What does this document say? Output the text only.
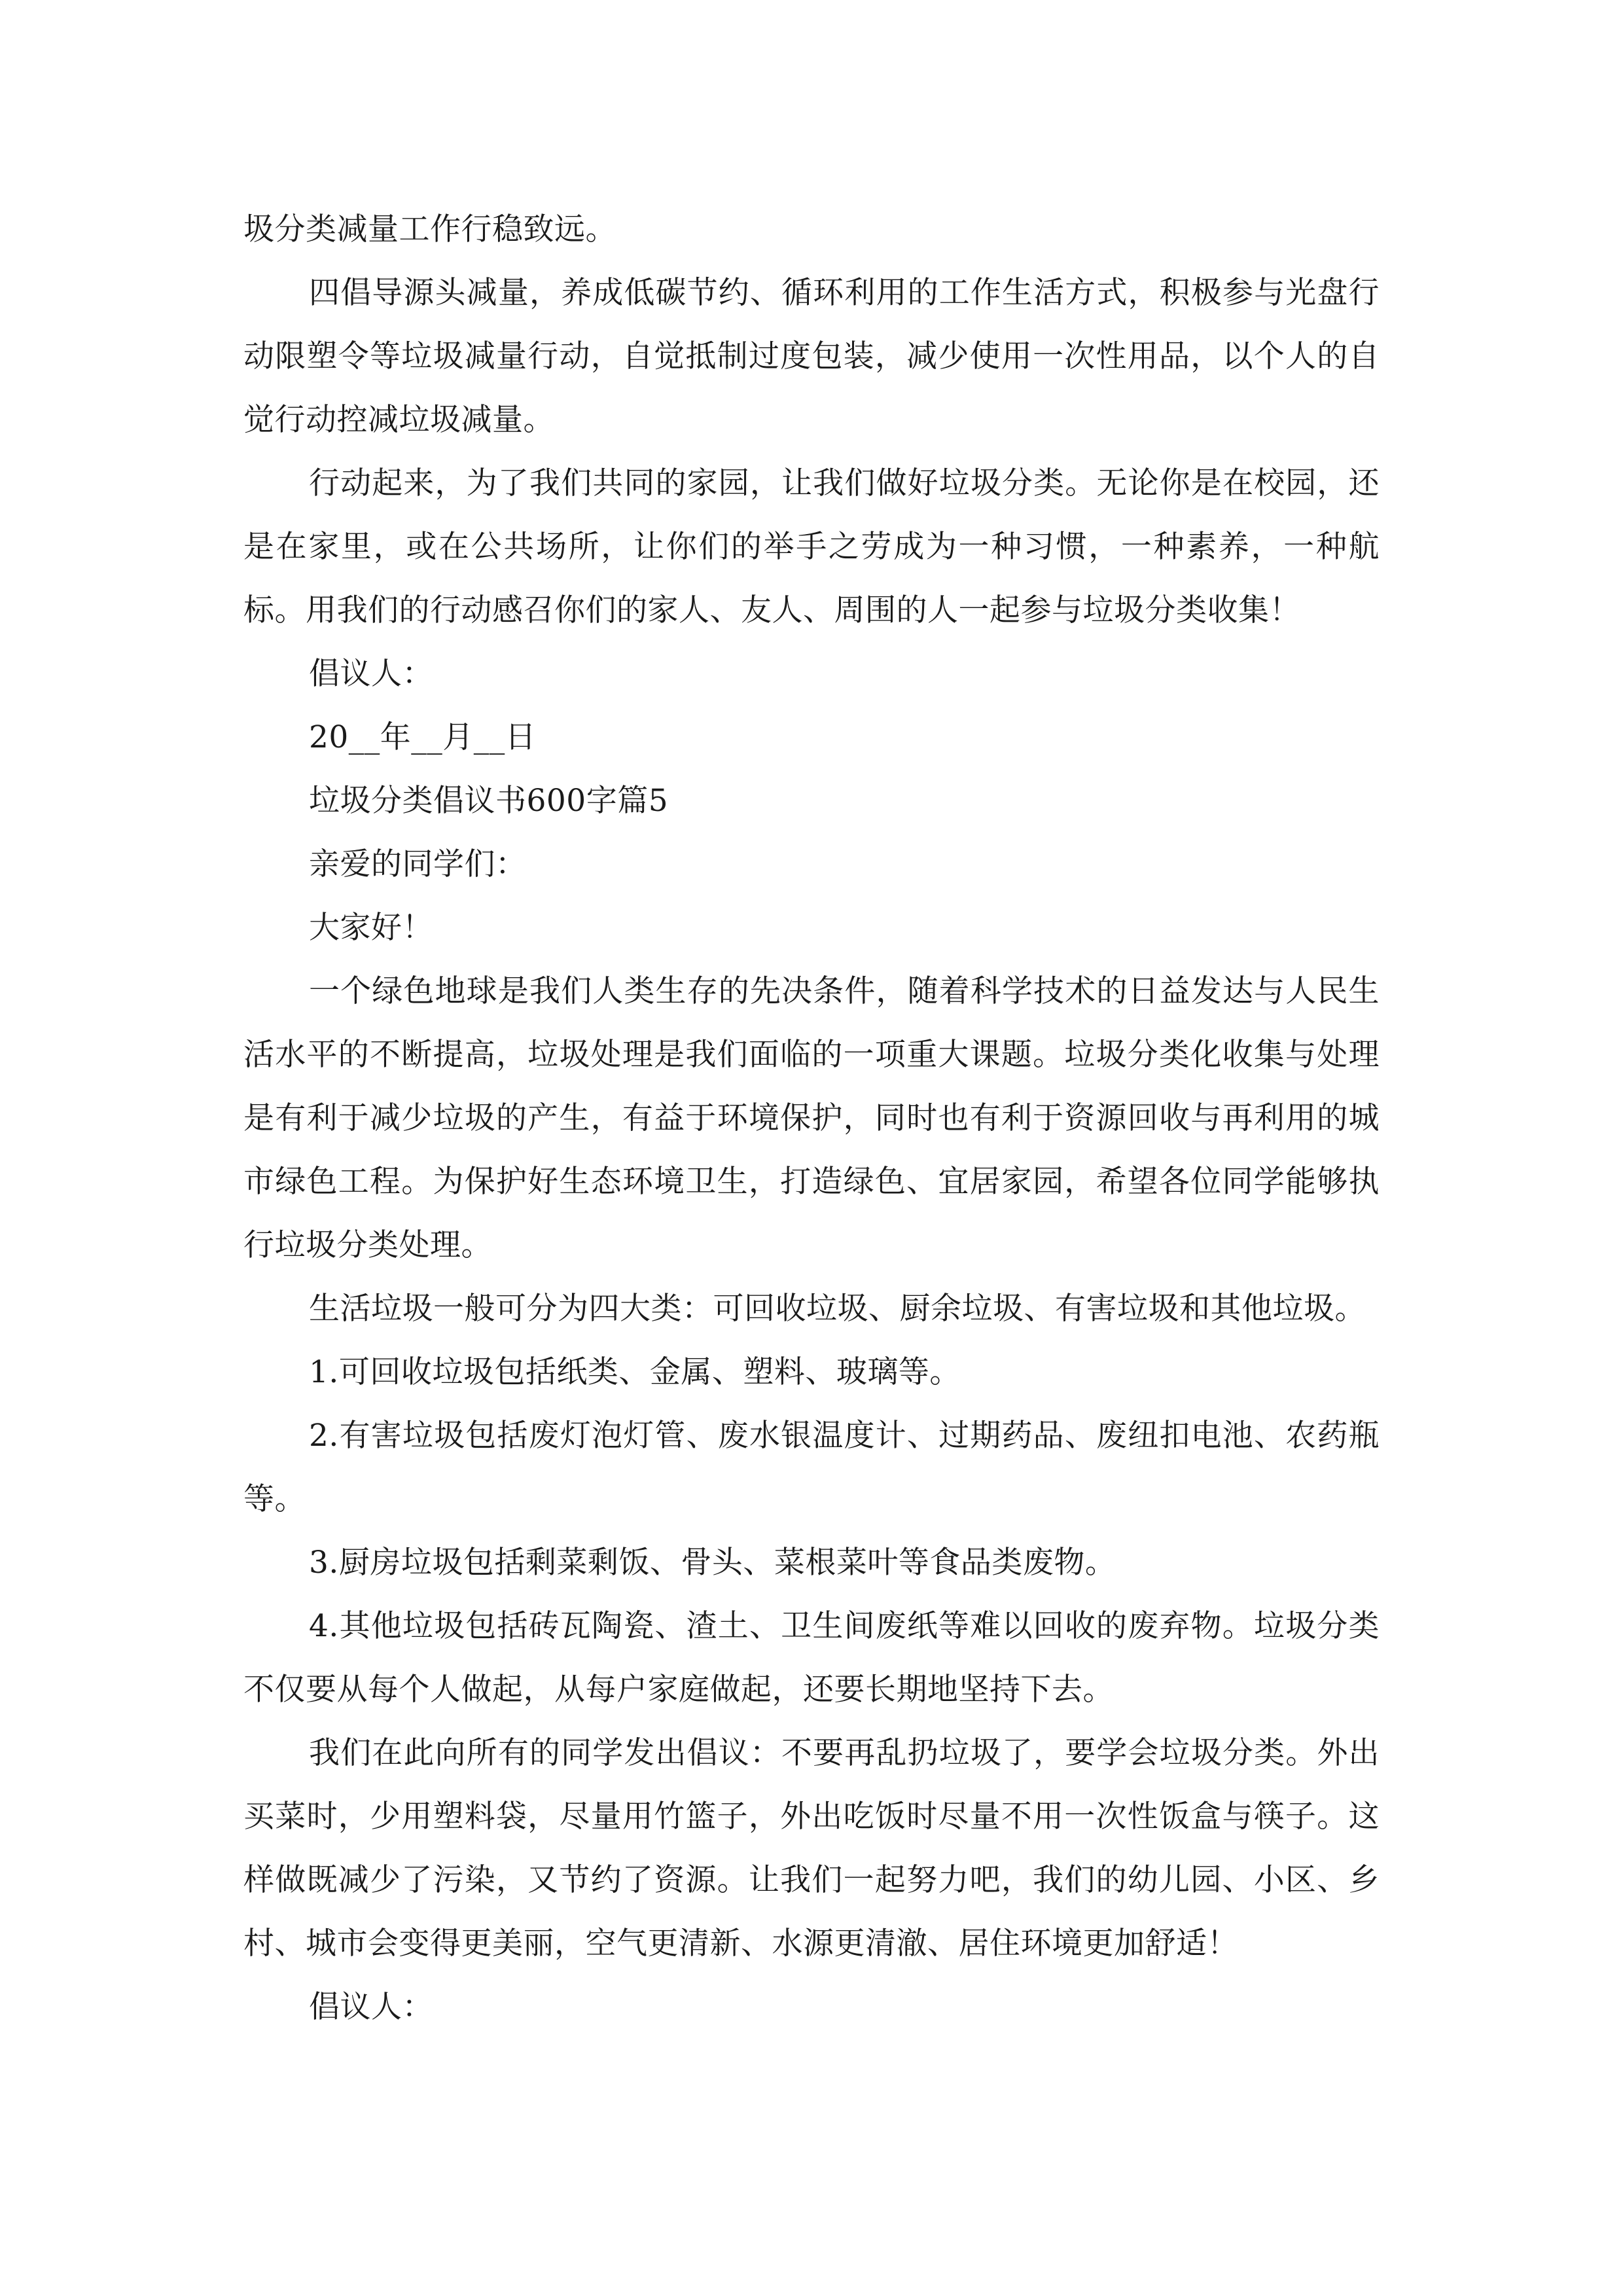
圾分类减量工作行稳致远。

四倡导源头减量，养成低碳节约、循环利用的工作生活方式，积极参与光盘行动限塑令等垃圾减量行动，自觉抵制过度包装，减少使用一次性用品，以个人的自觉行动控减垃圾减量。

行动起来，为了我们共同的家园，让我们做好垃圾分类。无论你是在校园，还是在家里，或在公共场所，让你们的举手之劳成为一种习惯，一种素养，一种航标。用我们的行动感召你们的家人、友人、周围的人一起参与垃圾分类收集！

倡议人：

20__年__月__日

垃圾分类倡议书600字篇5

亲爱的同学们：

大家好！

一个绿色地球是我们人类生存的先决条件，随着科学技术的日益发达与人民生活水平的不断提高，垃圾处理是我们面临的一项重大课题。垃圾分类化收集与处理是有利于减少垃圾的产生，有益于环境保护，同时也有利于资源回收与再利用的城市绿色工程。为保护好生态环境卫生，打造绿色、宜居家园，希望各位同学能够执行垃圾分类处理。

生活垃圾一般可分为四大类：可回收垃圾、厨余垃圾、有害垃圾和其他垃圾。

1.可回收垃圾包括纸类、金属、塑料、玻璃等。

2.有害垃圾包括废灯泡灯管、废水银温度计、过期药品、废纽扣电池、农药瓶等。

3.厨房垃圾包括剩菜剩饭、骨头、菜根菜叶等食品类废物。

4.其他垃圾包括砖瓦陶瓷、渣土、卫生间废纸等难以回收的废弃物。垃圾分类不仅要从每个人做起，从每户家庭做起，还要长期地坚持下去。

我们在此向所有的同学发出倡议：不要再乱扔垃圾了，要学会垃圾分类。外出买菜时，少用塑料袋，尽量用竹篮子，外出吃饭时尽量不用一次性饭盒与筷子。这样做既减少了污染，又节约了资源。让我们一起努力吧，我们的幼儿园、小区、乡村、城市会变得更美丽，空气更清新、水源更清澈、居住环境更加舒适！

倡议人：
